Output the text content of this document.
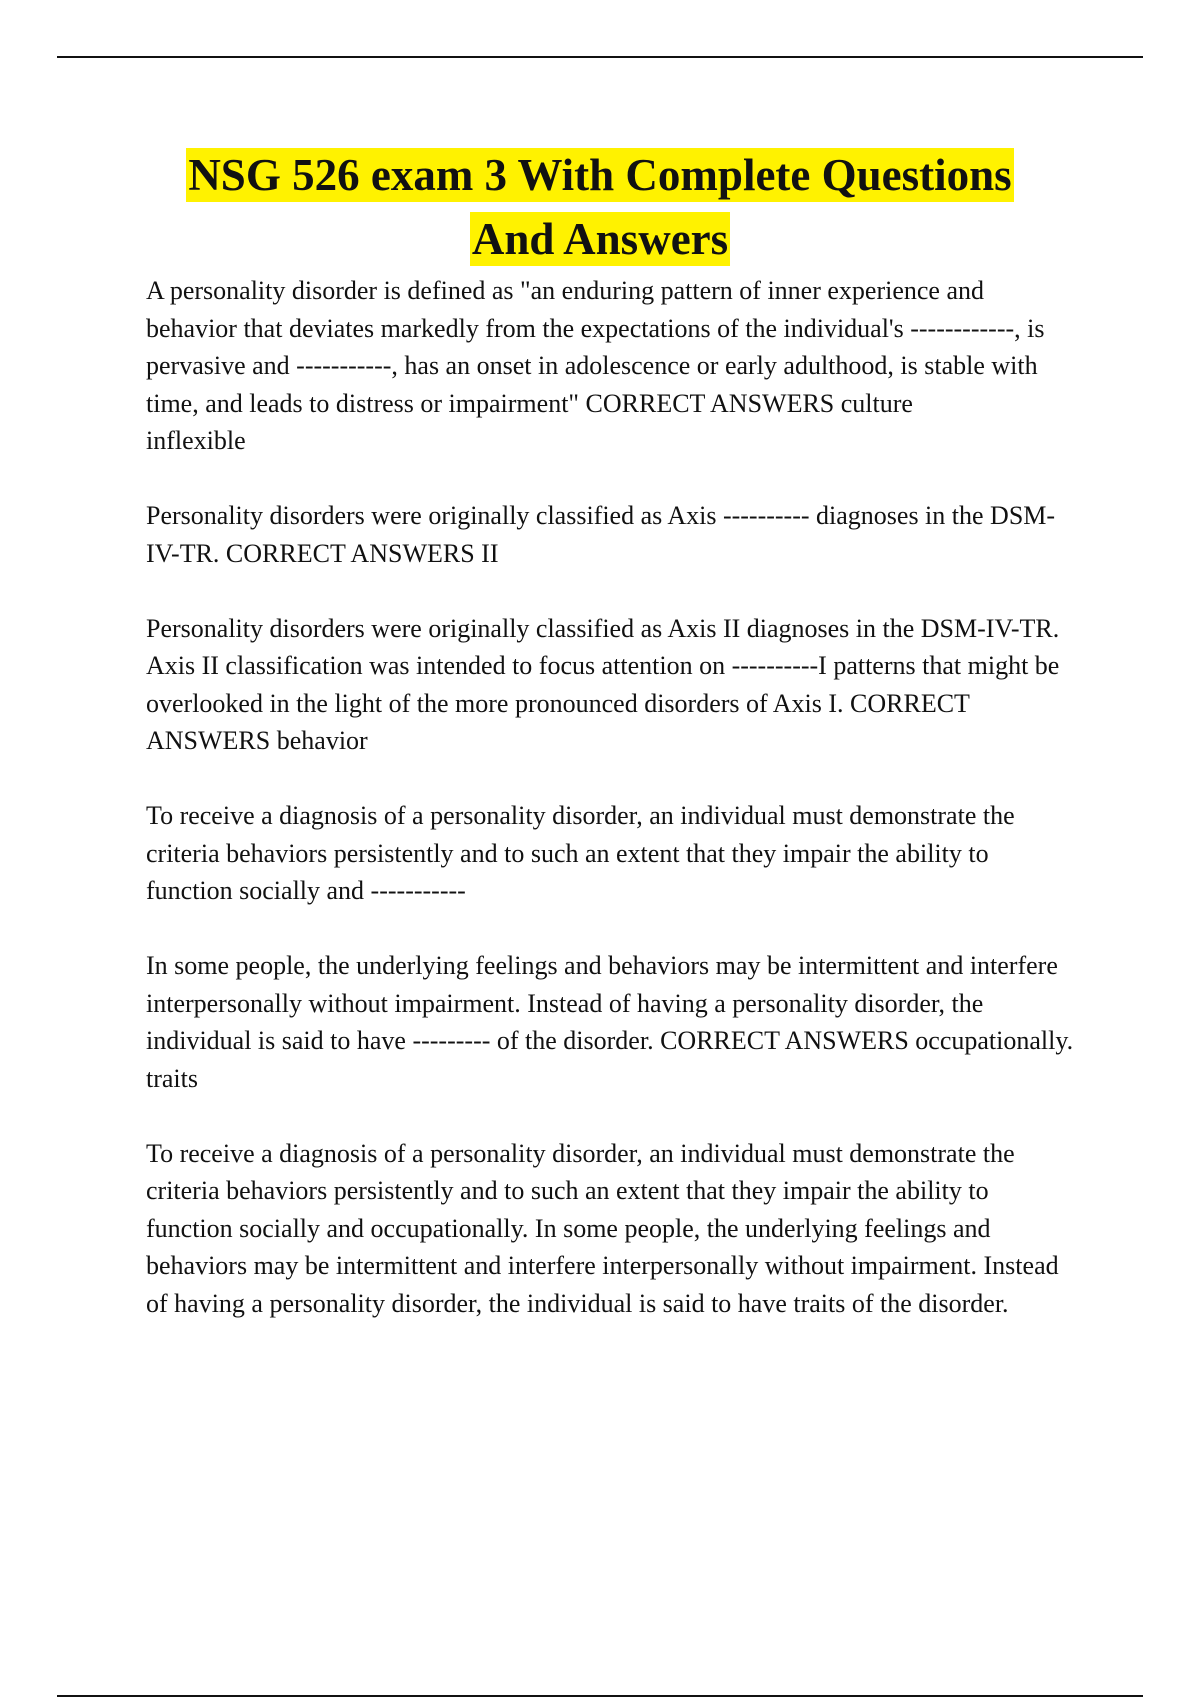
NSG 526 exam 3 With Complete Questions
And Answers

A personality disorder is defined as "an enduring pattern of inner experience and behavior that deviates markedly from the expectations of the individual's ------------, is pervasive and -----------, has an onset in adolescence or early adulthood, is stable with time, and leads to distress or impairment" CORRECT ANSWERS culture
inflexible

Personality disorders were originally classified as Axis ---------- diagnoses in the DSM-IV-TR. CORRECT ANSWERS II

Personality disorders were originally classified as Axis II diagnoses in the DSM-IV-TR. Axis II classification was intended to focus attention on ----------I patterns that might be overlooked in the light of the more pronounced disorders of Axis I. CORRECT ANSWERS behavior

To receive a diagnosis of a personality disorder, an individual must demonstrate the criteria behaviors persistently and to such an extent that they impair the ability to function socially and -----------

In some people, the underlying feelings and behaviors may be intermittent and interfere interpersonally without impairment. Instead of having a personality disorder, the individual is said to have --------- of the disorder. CORRECT ANSWERS occupationally.
traits

To receive a diagnosis of a personality disorder, an individual must demonstrate the criteria behaviors persistently and to such an extent that they impair the ability to function socially and occupationally. In some people, the underlying feelings and behaviors may be intermittent and interfere interpersonally without impairment. Instead of having a personality disorder, the individual is said to have traits of the disorder.
